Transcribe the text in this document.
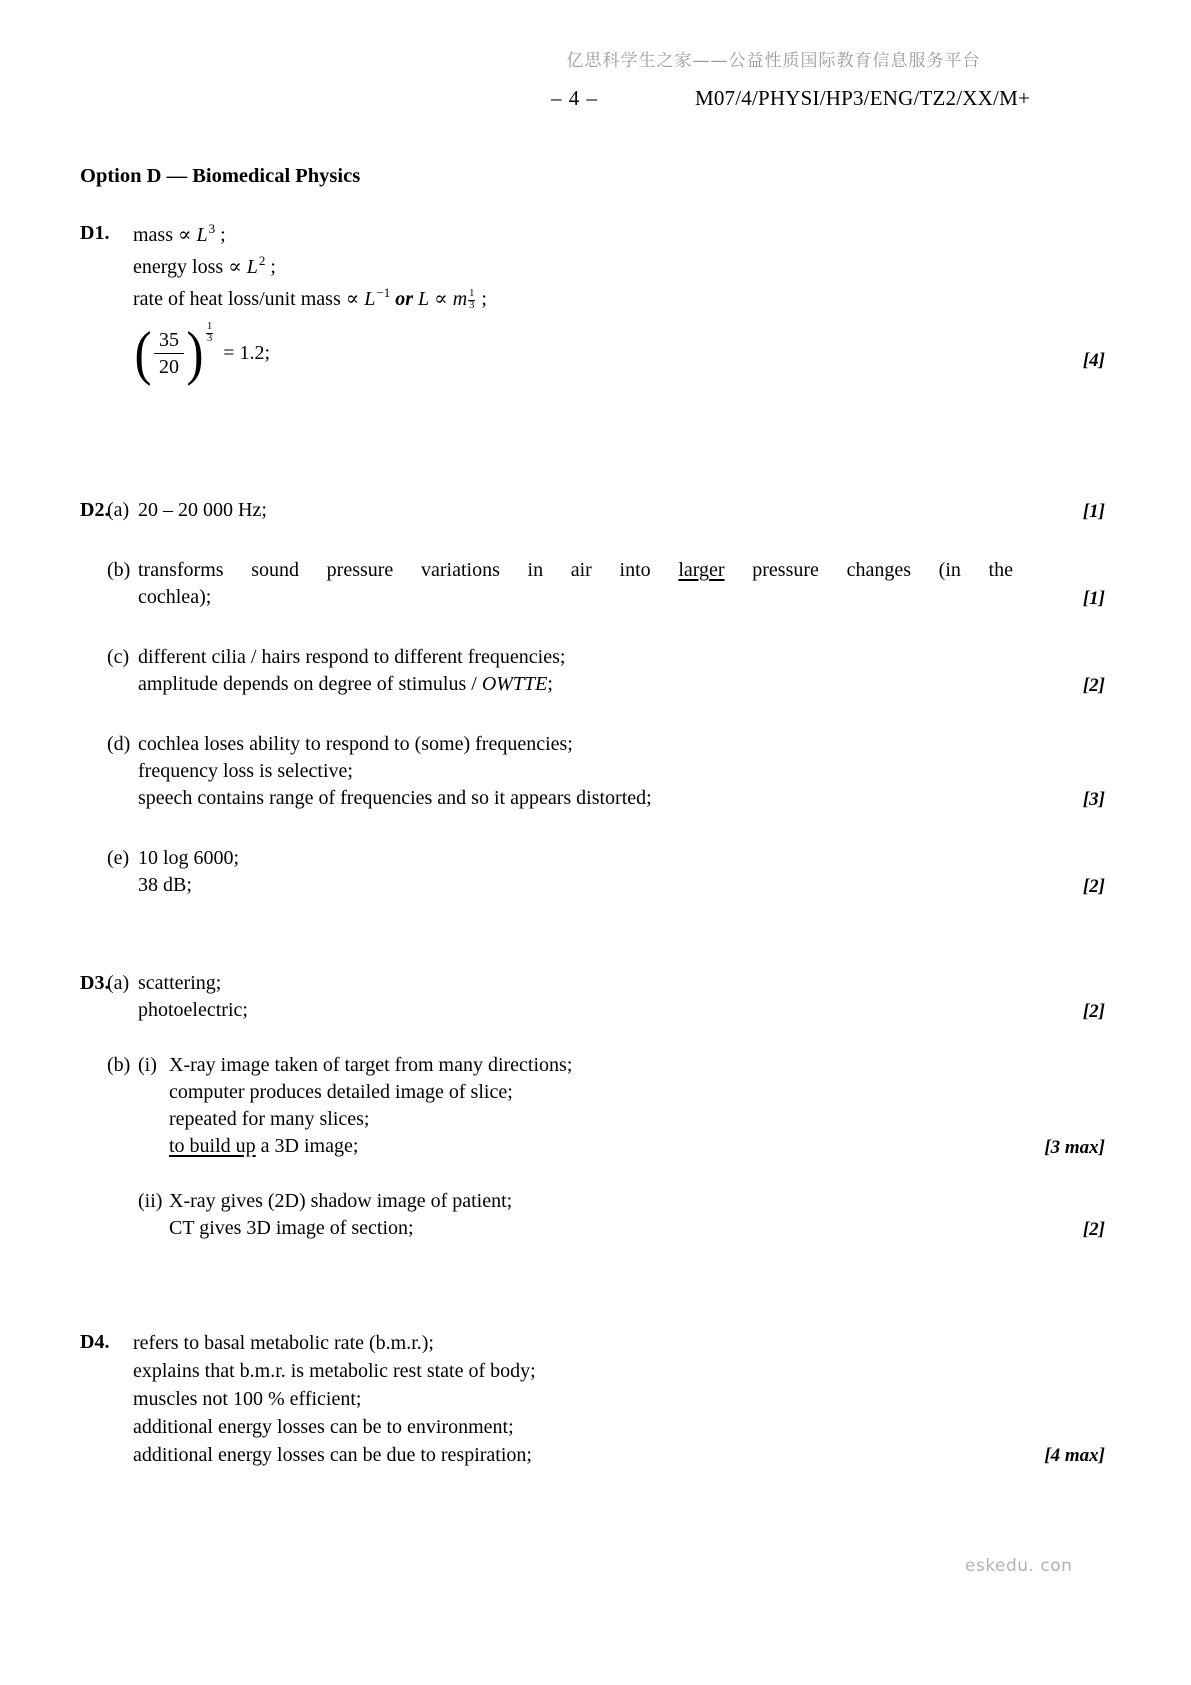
亿思科学生之家——公益性质国际教育信息服务平台
– 4 –	M07/4/PHYSI/HP3/ENG/TZ2/XX/M+
Option D — Biomedical Physics
D1. mass ∝ $L^3$ ;
energy loss ∝ $L^2$ ;
rate of heat loss/unit mass ∝ $L^{-1}$ or L ∝ m $\frac{1}{3}$ ;
( $\frac{35}{20}$ ) $\frac{1}{3}$
= 1.2;	[4]
D2.
(a) 20 – 20 000 Hz;	[1]
(b) transforms sound pressure variations in air into larger pressure changes (in the
cochlea);	[1]
(c) different cilia / hairs respond to different frequencies;
amplitude depends on degree of stimulus / OWTTE;	[2]
(d) cochlea loses ability to respond to (some) frequencies;
frequency loss is selective;
speech contains range of frequencies and so it appears distorted;	[3]
(e) 10 log 6000;
38 dB;	[2]
D3.
(a) scattering;
photoelectric;	[2]
(b) (i) X-ray image taken of target from many directions;
computer produces detailed image of slice;
repeated for many slices;
to build up a 3D image;	[3 max]
(ii) X-ray gives (2D) shadow image of patient;
CT gives 3D image of section;	[2]
D4. refers to basal metabolic rate (b.m.r.);
explains that b.m.r. is metabolic rest state of body;
muscles not 100 % efficient;
additional energy losses can be to environment;
additional energy losses can be due to respiration;	[4 max]
eskedu. con
